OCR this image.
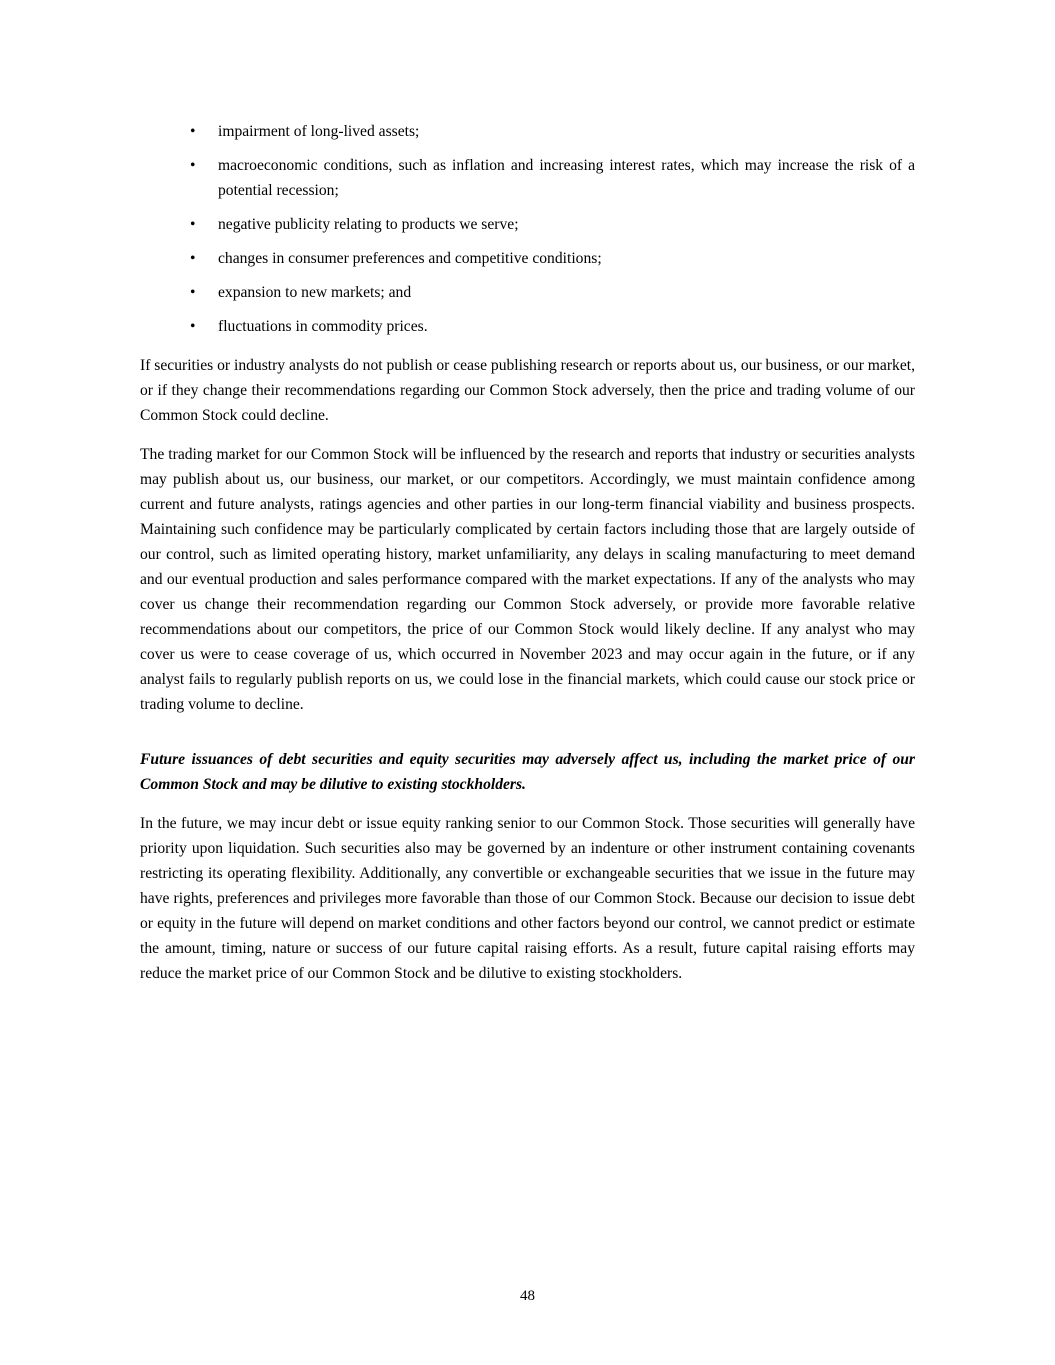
•	impairment of long-lived assets;
•	macroeconomic conditions, such as inflation and increasing interest rates, which may increase the risk of a potential recession;
•	negative publicity relating to products we serve;
•	changes in consumer preferences and competitive conditions;
•	expansion to new markets; and
•	fluctuations in commodity prices.

If securities or industry analysts do not publish or cease publishing research or reports about us, our business, or our market, or if they change their recommendations regarding our Common Stock adversely, then the price and trading volume of our Common Stock could decline.

The trading market for our Common Stock will be influenced by the research and reports that industry or securities analysts may publish about us, our business, our market, or our competitors. Accordingly, we must maintain confidence among current and future analysts, ratings agencies and other parties in our long-term financial viability and business prospects. Maintaining such confidence may be particularly complicated by certain factors including those that are largely outside of our control, such as limited operating history, market unfamiliarity, any delays in scaling manufacturing to meet demand and our eventual production and sales performance compared with the market expectations. If any of the analysts who may cover us change their recommendation regarding our Common Stock adversely, or provide more favorable relative recommendations about our competitors, the price of our Common Stock would likely decline. If any analyst who may cover us were to cease coverage of us, which occurred in November 2023 and may occur again in the future, or if any analyst fails to regularly publish reports on us, we could lose in the financial markets, which could cause our stock price or trading volume to decline.

Future issuances of debt securities and equity securities may adversely affect us, including the market price of our Common Stock and may be dilutive to existing stockholders.

In the future, we may incur debt or issue equity ranking senior to our Common Stock. Those securities will generally have priority upon liquidation. Such securities also may be governed by an indenture or other instrument containing covenants restricting its operating flexibility. Additionally, any convertible or exchangeable securities that we issue in the future may have rights, preferences and privileges more favorable than those of our Common Stock. Because our decision to issue debt or equity in the future will depend on market conditions and other factors beyond our control, we cannot predict or estimate the amount, timing, nature or success of our future capital raising efforts. As a result, future capital raising efforts may reduce the market price of our Common Stock and be dilutive to existing stockholders.

48
